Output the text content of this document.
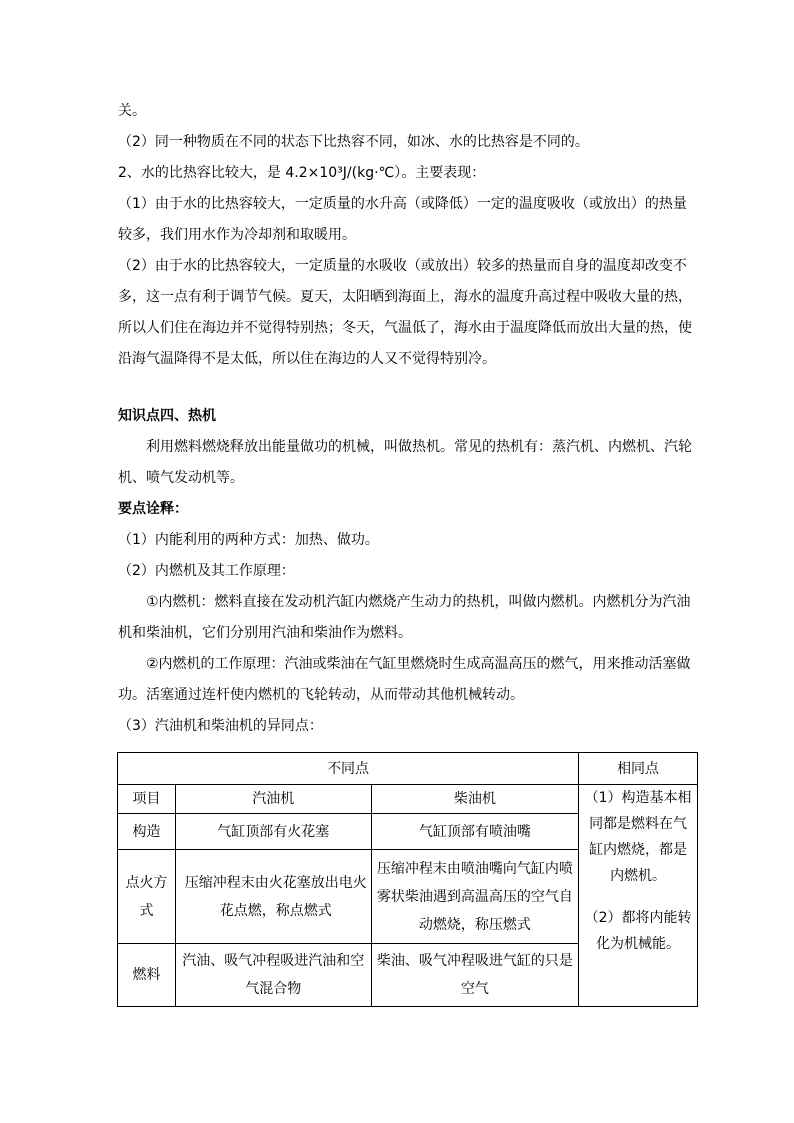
关。

（2）同一种物质在不同的状态下比热容不同，如冰、水的比热容是不同的。

2、水的比热容比较大，是 4.2×10³J/(kg·℃）。主要表现：

（1）由于水的比热容较大，一定质量的水升高（或降低）一定的温度吸收（或放出）的热量较多，我们用水作为冷却剂和取暖用。

（2）由于水的比热容较大，一定质量的水吸收（或放出）较多的热量而自身的温度却改变不多，这一点有利于调节气候。夏天，太阳晒到海面上，海水的温度升高过程中吸收大量的热，所以人们住在海边并不觉得特别热；冬天，气温低了，海水由于温度降低而放出大量的热，使沿海气温降得不是太低，所以住在海边的人又不觉得特别冷。

知识点四、热机

利用燃料燃烧释放出能量做功的机械，叫做热机。常见的热机有：蒸汽机、内燃机、汽轮机、喷气发动机等。

要点诠释：

（1）内能利用的两种方式：加热、做功。

（2）内燃机及其工作原理：

①内燃机：燃料直接在发动机汽缸内燃烧产生动力的热机，叫做内燃机。内燃机分为汽油机和柴油机，它们分别用汽油和柴油作为燃料。

②内燃机的工作原理：汽油或柴油在气缸里燃烧时生成高温高压的燃气，用来推动活塞做功。活塞通过连杆使内燃机的飞轮转动，从而带动其他机械转动。

（3）汽油机和柴油机的异同点：

不同点			相同点
项目	汽油机	柴油机	（1）构造基本相同都是燃料在气缸内燃烧，都是内燃机。
（2）都将内能转化为机械能。

构造	气缸顶部有火花塞	气缸顶部有喷油嘴	
点火方式	压缩冲程末由火花塞放出电火花点燃，称点燃式	压缩冲程末由喷油嘴向气缸内喷雾状柴油遇到高温高压的空气自动燃烧，称压燃式	
燃料	汽油、吸气冲程吸进汽油和空气混合物	柴油、吸气冲程吸进气缸的只是空气	
